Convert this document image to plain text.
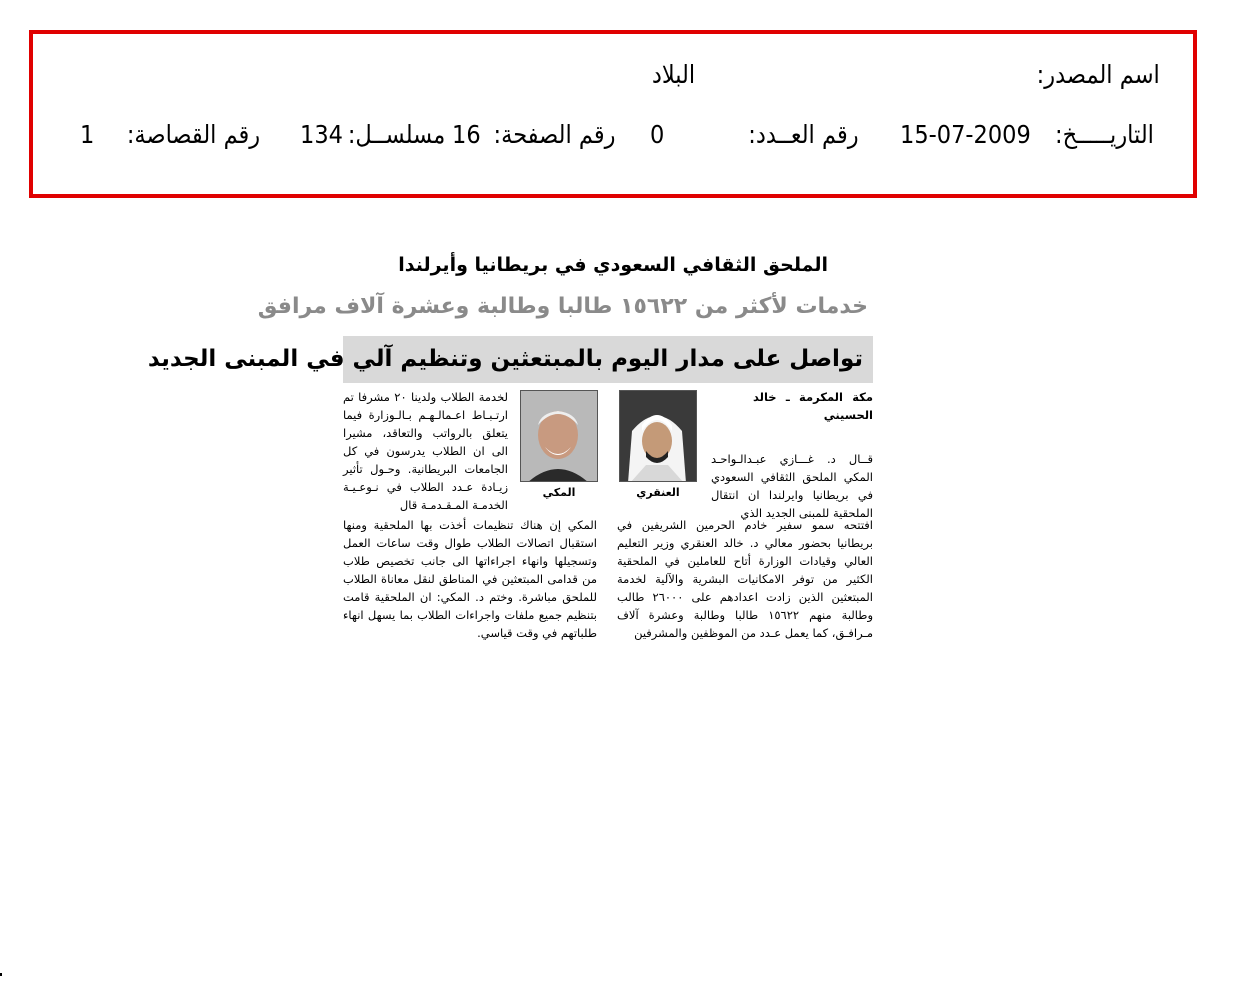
اسم المصدر:
البلاد
التاريـــــخ:
15-07-2009
رقم العــدد:
0
رقم الصفحة:
16
مسلســل:
134
رقم القصاصة:
1
الملحق الثقافي السعودي في بريطانيا وأيرلندا
خدمات لأكثر من ١٥٦٢٢ طالبا وطالبة وعشرة آلاف مرافق
تواصل على مدار اليوم بالمبتعثين وتنظيم آلي في المبنى الجديد

مكة المكرمة ـ خالد الحسيني

قــال د. غـــازي عبـدالـواحـد المكي الملحق الثقافي السعودي في بريطانيا وايرلندا ان انتقال الملحقية للمبنى الجديد الذي

العنقري
المكي

لخدمة الطلاب ولدينا ٢٠ مشرفا تم ارتـبـاط اعـمالـهـم بـالـوزارة فيما يتعلق بالرواتب والتعاقد، مشيرا الى ان الطلاب يدرسون في كل الجامعات البريطانية. وحـول تأثير زيـادة عـدد الطلاب في نـوعـيـة الخدمـة المـقـدمـة قال

المكي إن هناك تنظيمات أخذت بها الملحقية ومنها استقبال اتصالات الطلاب طوال وقت ساعات العمل وتسجيلها وانهاء اجراءاتها الى جانب تخصيص طلاب من قدامى المبتعثين في المناطق لنقل معاناة الطلاب للملحق مباشرة. وختم د. المكي: ان الملحقية قامت بتنظيم جميع ملفات واجراءات الطلاب بما يسهل انهاء طلباتهم في وقت قياسي.

افتتحه سمو سفير خادم الحرمين الشريفين في بريطانيا بحضور معالي د. خالد العنقري وزير التعليم العالي وقيادات الوزارة أتاح للعاملين في الملحقية الكثير من توفر الامكانيات البشرية والآلية لخدمة المبتعثين الذين زادت اعدادهم على ٢٦٠٠٠ طالب وطالبة منهم ١٥٦٢٢ طالبا وطالبة وعشرة آلاف مـرافـق، كما يعمل عـدد من الموظفين والمشرفين
